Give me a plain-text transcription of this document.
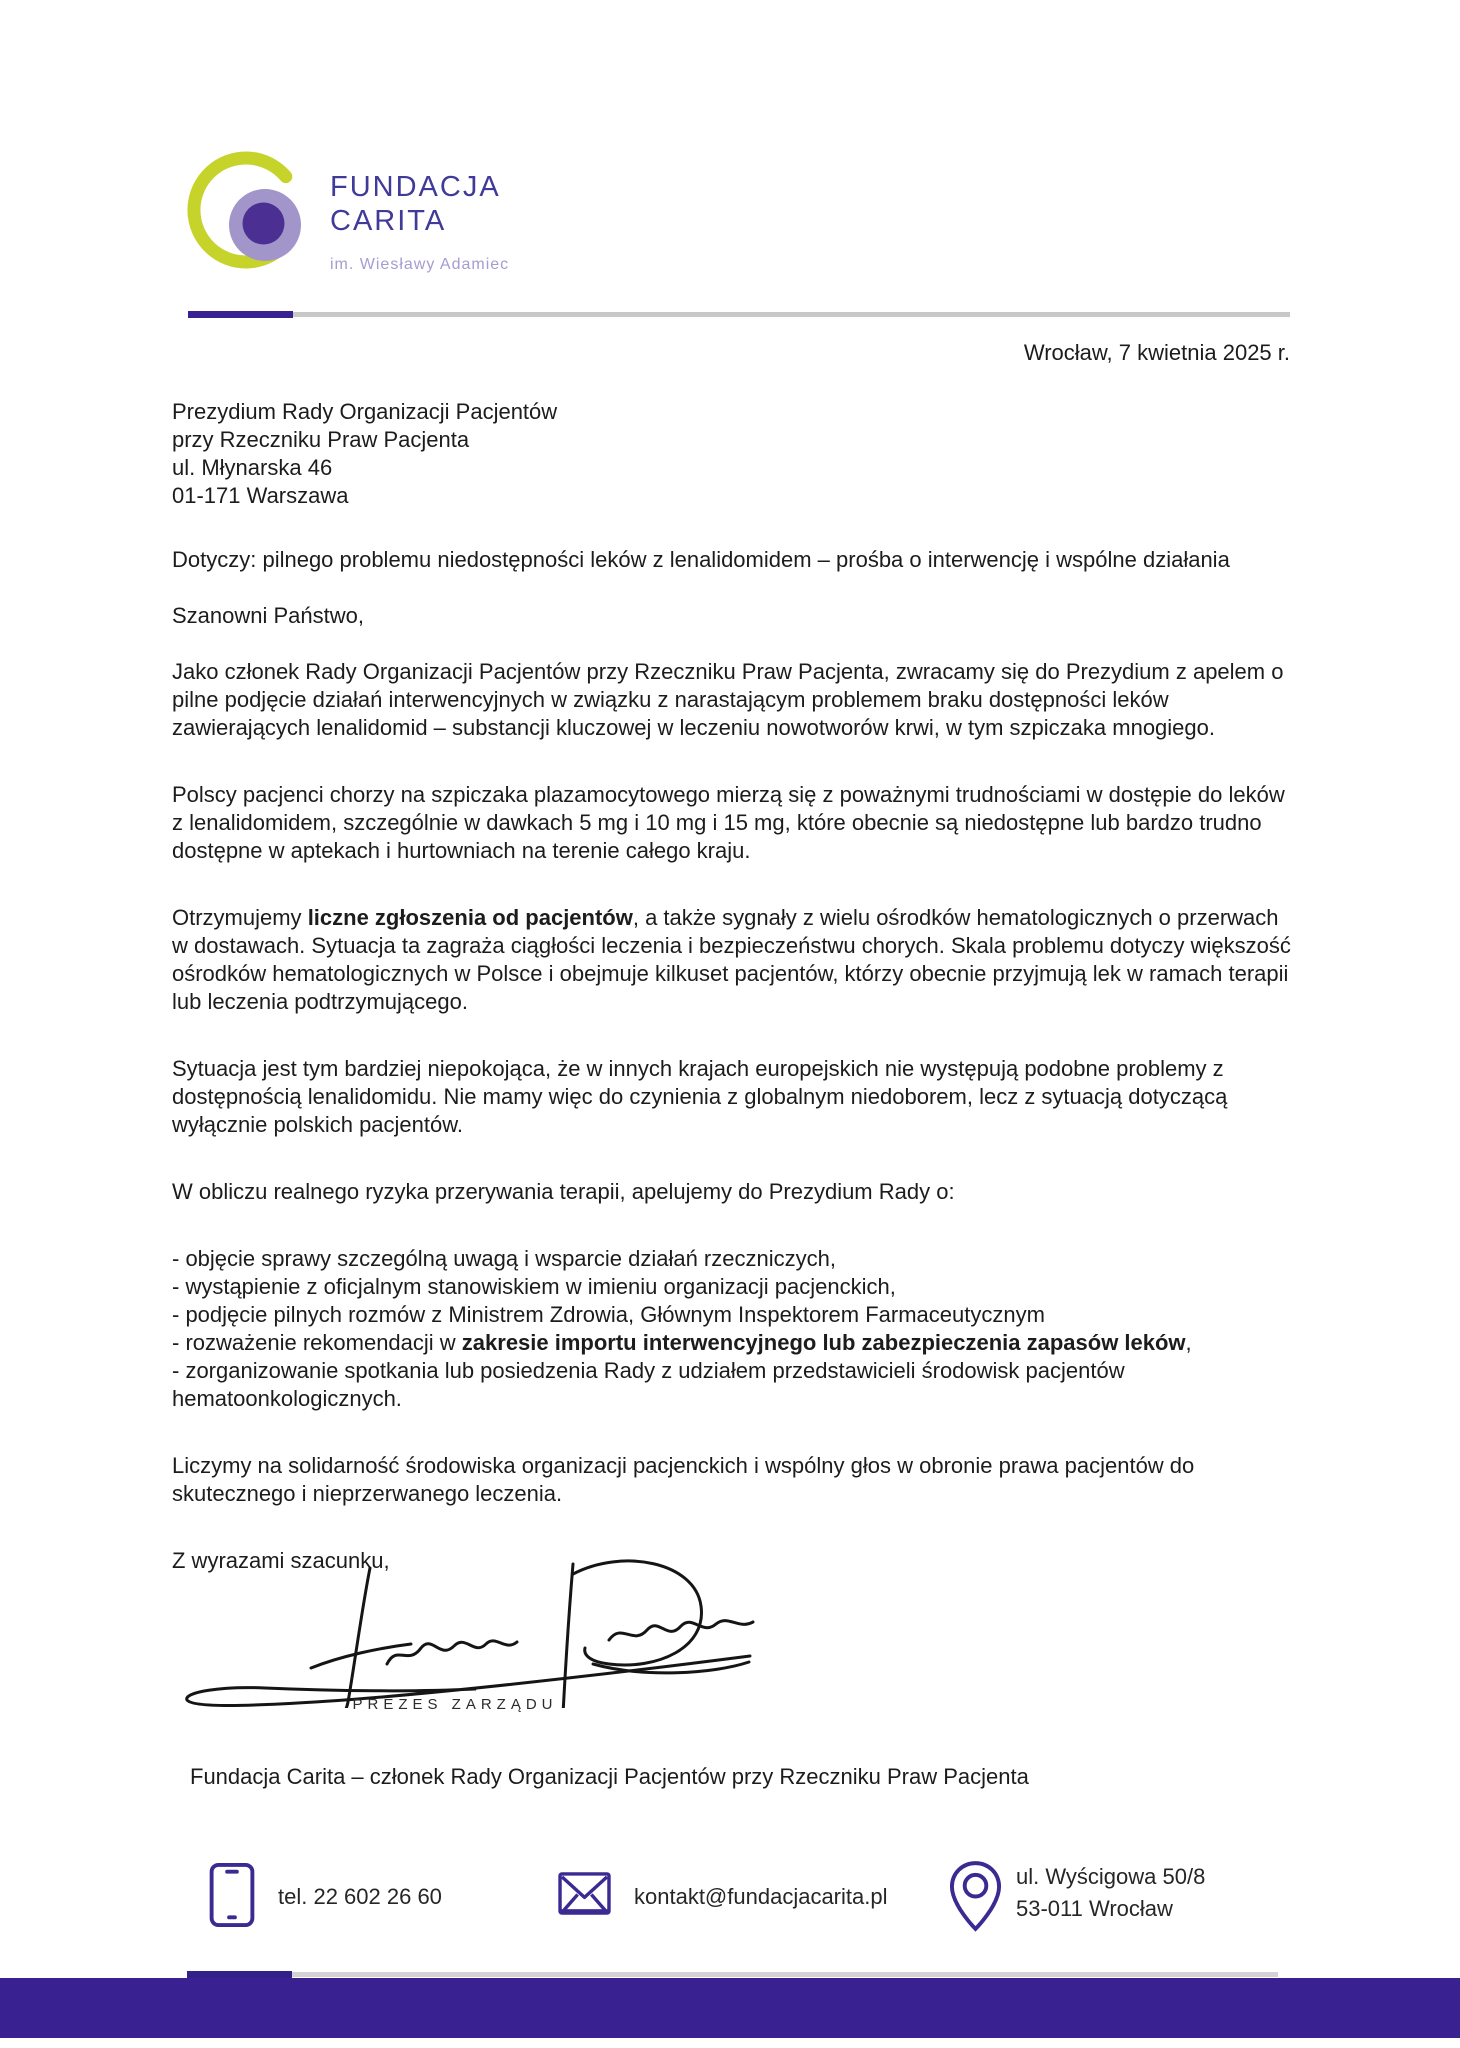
FUNDACJA
CARITA
im. Wiesławy Adamiec
Wrocław, 7 kwietnia 2025 r.
Prezydium Rady Organizacji Pacjentów
przy Rzeczniku Praw Pacjenta
ul. Młynarska 46
01-171 Warszawa
Dotyczy: pilnego problemu niedostępności leków z lenalidomidem – prośba o interwencję i wspólne działania
Szanowni Państwo,

Jako członek Rady Organizacji Pacjentów przy Rzeczniku Praw Pacjenta, zwracamy się do Prezydium z apelem o pilne podjęcie działań interwencyjnych w związku z narastającym problemem braku dostępności leków zawierających lenalidomid – substancji kluczowej w leczeniu nowotworów krwi, w tym szpiczaka mnogiego.

Polscy pacjenci chorzy na szpiczaka plazamocytowego mierzą się z poważnymi trudnościami w dostępie do leków z lenalidomidem, szczególnie w dawkach 5 mg i 10 mg i 15 mg, które obecnie są niedostępne lub bardzo trudno dostępne w aptekach i hurtowniach na terenie całego kraju.

Otrzymujemy liczne zgłoszenia od pacjentów, a także sygnały z wielu ośrodków hematologicznych o przerwach w dostawach. Sytuacja ta zagraża ciągłości leczenia i bezpieczeństwu chorych. Skala problemu dotyczy większość ośrodków hematologicznych w Polsce i obejmuje kilkuset pacjentów, którzy obecnie przyjmują lek w ramach terapii lub leczenia podtrzymującego.

Sytuacja jest tym bardziej niepokojąca, że w innych krajach europejskich nie występują podobne problemy z dostępnością lenalidomidu. Nie mamy więc do czynienia z globalnym niedoborem, lecz z sytuacją dotyczącą wyłącznie polskich pacjentów.

W obliczu realnego ryzyka przerywania terapii, apelujemy do Prezydium Rady o:

- objęcie sprawy szczególną uwagą i wsparcie działań rzeczniczych,
- wystąpienie z oficjalnym stanowiskiem w imieniu organizacji pacjenckich,
- podjęcie pilnych rozmów z Ministrem Zdrowia, Głównym Inspektorem Farmaceutycznym
- rozważenie rekomendacji w zakresie importu interwencyjnego lub zabezpieczenia zapasów leków,
- zorganizowanie spotkania lub posiedzenia Rady z udziałem przedstawicieli środowisk pacjentów hematoonkologicznych.

Liczymy na solidarność środowiska organizacji pacjenckich i wspólny głos w obronie prawa pacjentów do skutecznego i nieprzerwanego leczenia.

Z wyrazami szacunku,
PREZES ZARZĄDU
Fundacja Carita – członek Rady Organizacji Pacjentów przy Rzeczniku Praw Pacjenta
tel. 22 602 26 60	kontakt@fundacjacarita.pl
ul. Wyścigowa 50/8
53-011 Wrocław
